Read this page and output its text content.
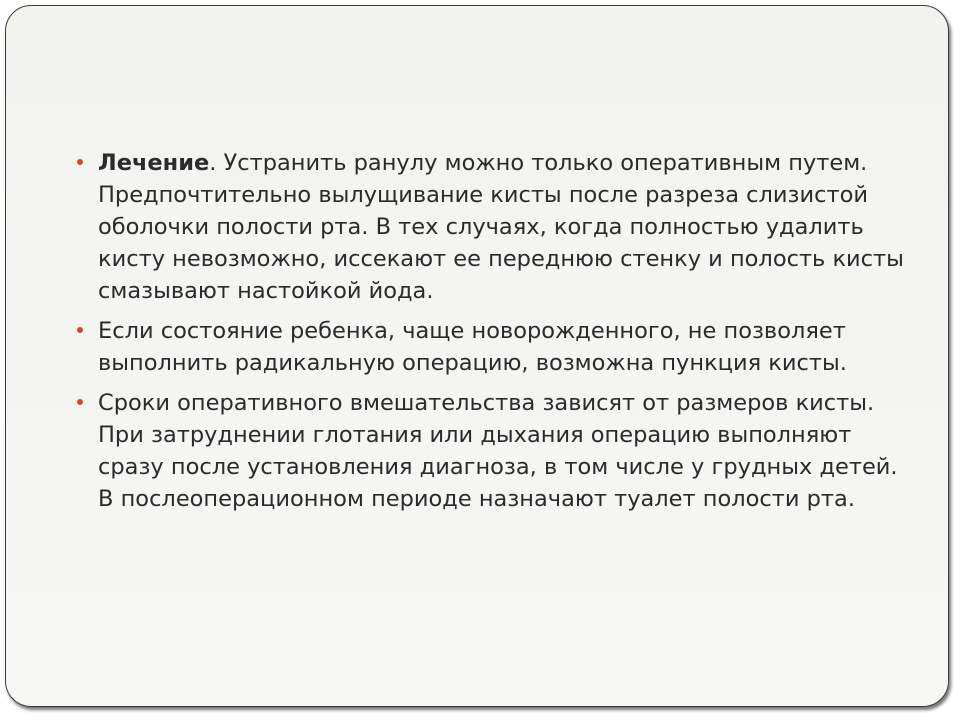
Лечение. Устранить ранулу можно только оперативным путем. Предпочтительно вылущивание кисты после разреза слизистой оболочки полости рта. В тех случаях, когда полностью удалить кисту невозможно, иссекают ее переднюю стенку и полость кисты смазывают настойкой йода.
Если состояние ребенка, чаще новорожденного, не позволяет выполнить радикальную операцию, возможна пункция кисты.
Сроки оперативного вмешательства зависят от размеров кисты. При затруднении глотания или дыхания операцию выполняют сразу после установления диагноза, в том числе у грудных детей. В послеоперационном периоде назначают туалет полости рта.
